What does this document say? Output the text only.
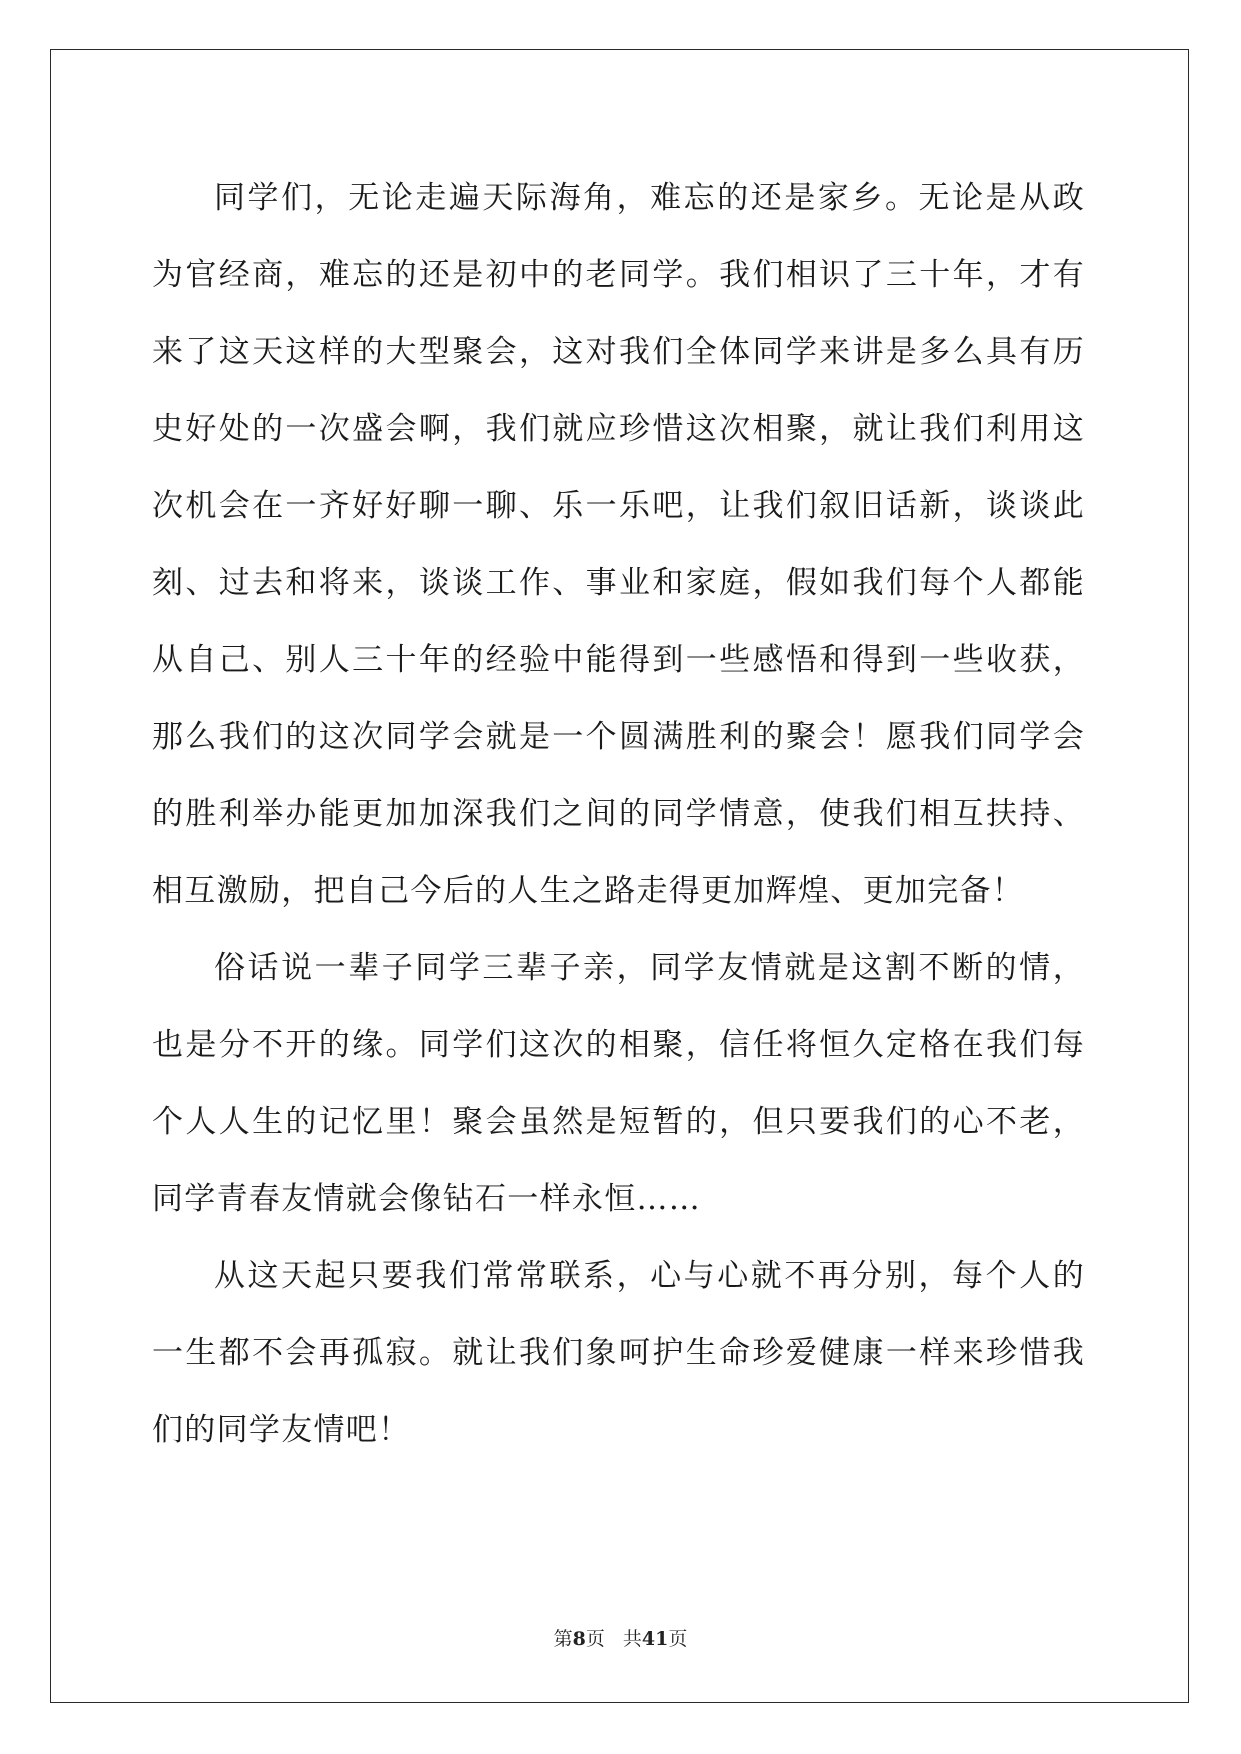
同学们，无论走遍天际海角，难忘的还是家乡。无论是从政为官经商，难忘的还是初中的老同学。我们相识了三十年，才有来了这天这样的大型聚会，这对我们全体同学来讲是多么具有历史好处的一次盛会啊，我们就应珍惜这次相聚，就让我们利用这次机会在一齐好好聊一聊、乐一乐吧，让我们叙旧话新，谈谈此刻、过去和将来，谈谈工作、事业和家庭，假如我们每个人都能从自己、别人三十年的经验中能得到一些感悟和得到一些收获，那么我们的这次同学会就是一个圆满胜利的聚会！愿我们同学会的胜利举办能更加加深我们之间的同学情意，使我们相互扶持、相互激励，把自己今后的人生之路走得更加辉煌、更加完备！

俗话说一辈子同学三辈子亲，同学友情就是这割不断的情，也是分不开的缘。同学们这次的相聚，信任将恒久定格在我们每个人人生的记忆里！聚会虽然是短暂的，但只要我们的心不老，同学青春友情就会像钻石一样永恒……

从这天起只要我们常常联系，心与心就不再分别，每个人的一生都不会再孤寂。就让我们象呵护生命珍爱健康一样来珍惜我们的同学友情吧！

第8页 共41页
